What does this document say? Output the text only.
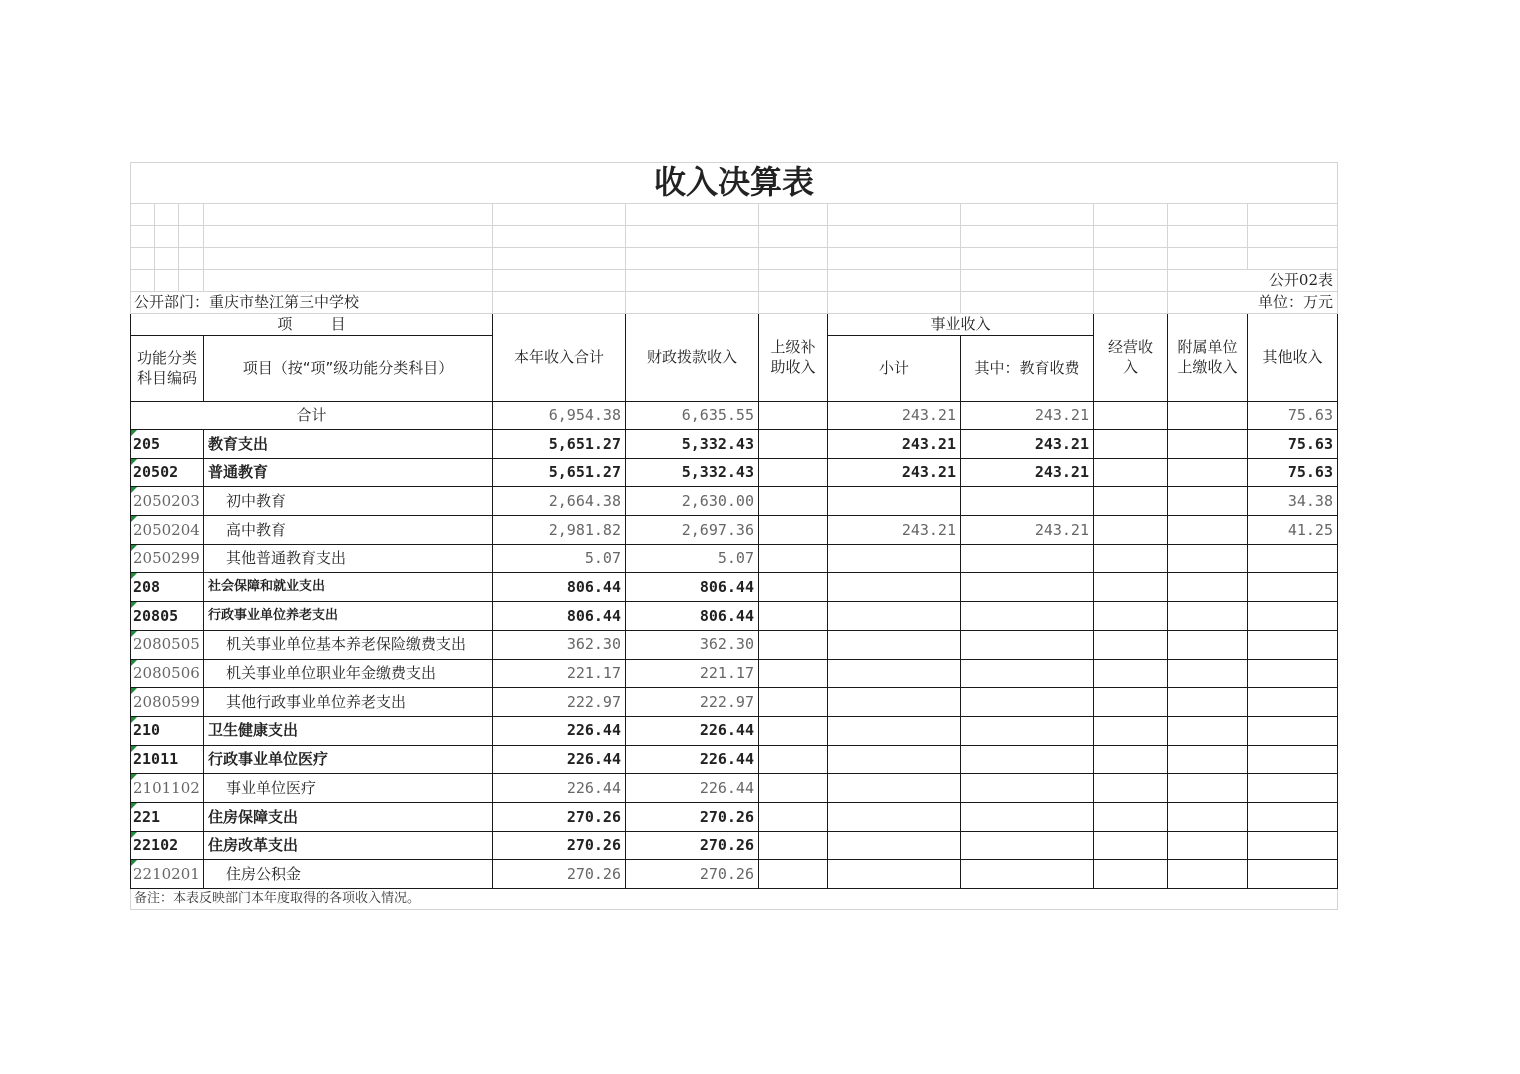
收入决算表											

										公开02表	
公开部门：重庆市垫江第三中学校										单位：万元	
项        目				本年收入合计	财政拨款收入	上级补助收入	事业收入		经营收入	附属单位上缴收入	其他收入
功能分类科目编码			项目（按“项”级功能分类科目）				小计	其中：教育收费			
合计				6,954.38	6,635.55		243.21	243.21			75.63

205			教育支出	5,651.27	5,332.43		243.21	243.21			75.63

20502			普通教育	5,651.27	5,332.43		243.21	243.21			75.63

2050203			初中教育	2,664.38	2,630.00						34.38

2050204			高中教育	2,981.82	2,697.36		243.21	243.21			41.25

2050299			其他普通教育支出	5.07	5.07						

208			社会保障和就业支出	806.44	806.44						

20805			行政事业单位养老支出	806.44	806.44						

2080505			机关事业单位基本养老保险缴费支出	362.30	362.30						

2080506			机关事业单位职业年金缴费支出	221.17	221.17						

2080599			其他行政事业单位养老支出	222.97	222.97						

210			卫生健康支出	226.44	226.44						

21011			行政事业单位医疗	226.44	226.44						

2101102			事业单位医疗	226.44	226.44						

221			住房保障支出	270.26	270.26						

22102			住房改革支出	270.26	270.26						

2210201			住房公积金	270.26	270.26						
备注：本表反映部门本年度取得的各项收入情况。											
